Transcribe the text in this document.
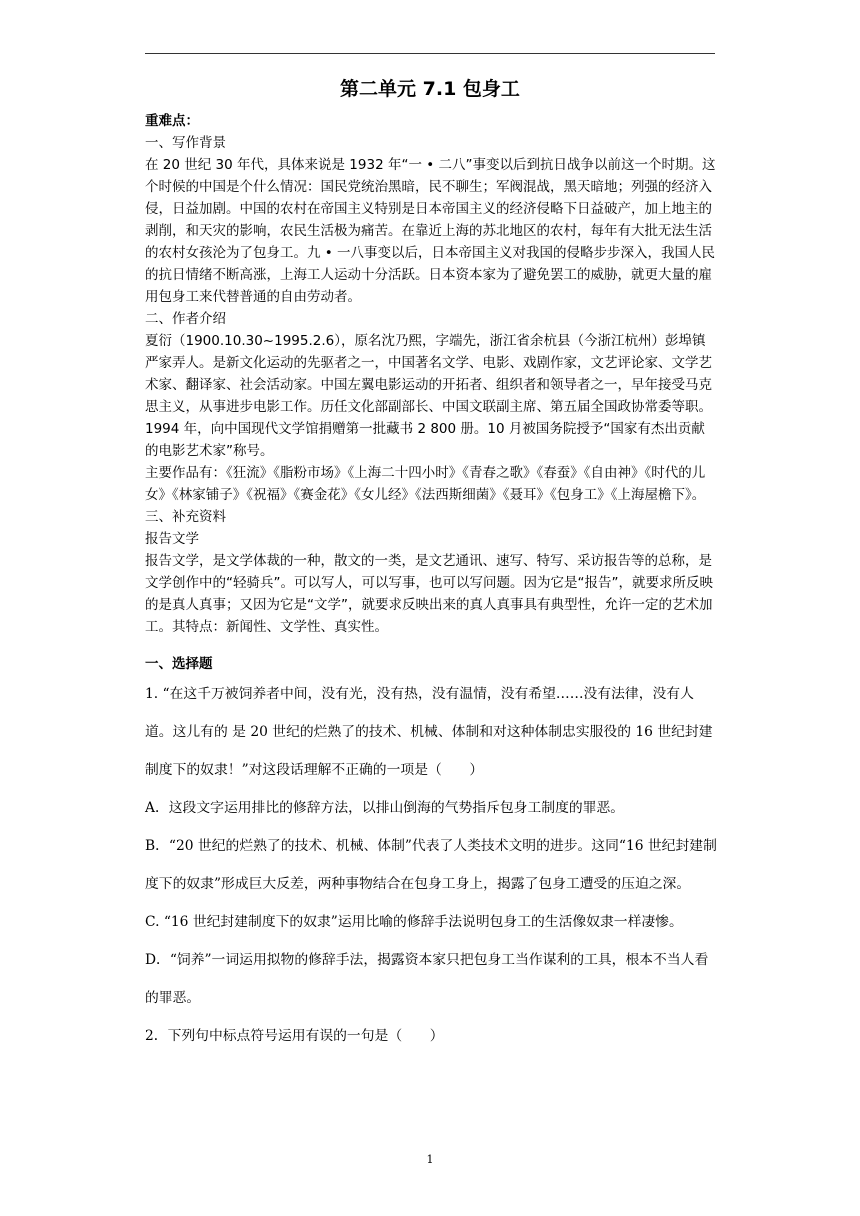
第二单元 7.1 包身工

重难点：

一、写作背景

在 20 世纪 30 年代，具体来说是 1932 年“一 • 二八”事变以后到抗日战争以前这一个时期。这个时候的中国是个什么情况：国民党统治黑暗，民不聊生；军阀混战，黑天暗地；列强的经济入侵，日益加剧。中国的农村在帝国主义特别是日本帝国主义的经济侵略下日益破产，加上地主的剥削，和天灾的影响，农民生活极为痛苦。在靠近上海的苏北地区的农村，每年有大批无法生活的农村女孩沦为了包身工。九 • 一八事变以后，日本帝国主义对我国的侵略步步深入，我国人民的抗日情绪不断高涨，上海工人运动十分活跃。日本资本家为了避免罢工的威胁，就更大量的雇用包身工来代替普通的自由劳动者。

二、作者介绍

夏衍（1900.10.30~1995.2.6），原名沈乃熙，字端先，浙江省余杭县（今浙江杭州）彭埠镇严家弄人。是新文化运动的先驱者之一，中国著名文学、电影、戏剧作家，文艺评论家、文学艺术家、翻译家、社会活动家。中国左翼电影运动的开拓者、组织者和领导者之一，早年接受马克思主义，从事进步电影工作。历任文化部副部长、中国文联副主席、第五届全国政协常委等职。1994 年，向中国现代文学馆捐赠第一批藏书 2 800 册。10 月被国务院授予“国家有杰出贡献的电影艺术家”称号。

主要作品有：《狂流》《脂粉市场》《上海二十四小时》《青春之歌》《春蚕》《自由神》《时代的儿女》《林家铺子》《祝福》《赛金花》《女儿经》《法西斯细菌》《聂耳》《包身工》《上海屋檐下》。

三、补充资料

报告文学

报告文学，是文学体裁的一种，散文的一类，是文艺通讯、速写、特写、采访报告等的总称，是文学创作中的“轻骑兵”。可以写人，可以写事，也可以写问题。因为它是“报告”，就要求所反映的是真人真事；又因为它是“文学”，就要求反映出来的真人真事具有典型性，允许一定的艺术加工。其特点：新闻性、文学性、真实性。

一、选择题

1. “在这千万被饲养者中间，没有光，没有热，没有温情，没有希望……没有法律，没有人道。这儿有的 是 20 世纪的烂熟了的技术、机械、体制和对这种体制忠实服役的 16 世纪封建制度下的奴隶！”对这段话理解不正确的一项是（　　）

A．这段文字运用排比的修辞方法，以排山倒海的气势指斥包身工制度的罪恶。

B．“20 世纪的烂熟了的技术、机械、体制”代表了人类技术文明的进步。这同“16 世纪封建制度下的奴隶”形成巨大反差，两种事物结合在包身工身上，揭露了包身工遭受的压迫之深。

C. “16 世纪封建制度下的奴隶”运用比喻的修辞手法说明包身工的生活像奴隶一样凄惨。

D．“饲养”一词运用拟物的修辞手法，揭露资本家只把包身工当作谋利的工具，根本不当人看的罪恶。

2．下列句中标点符号运用有误的一句是（　　）

1
